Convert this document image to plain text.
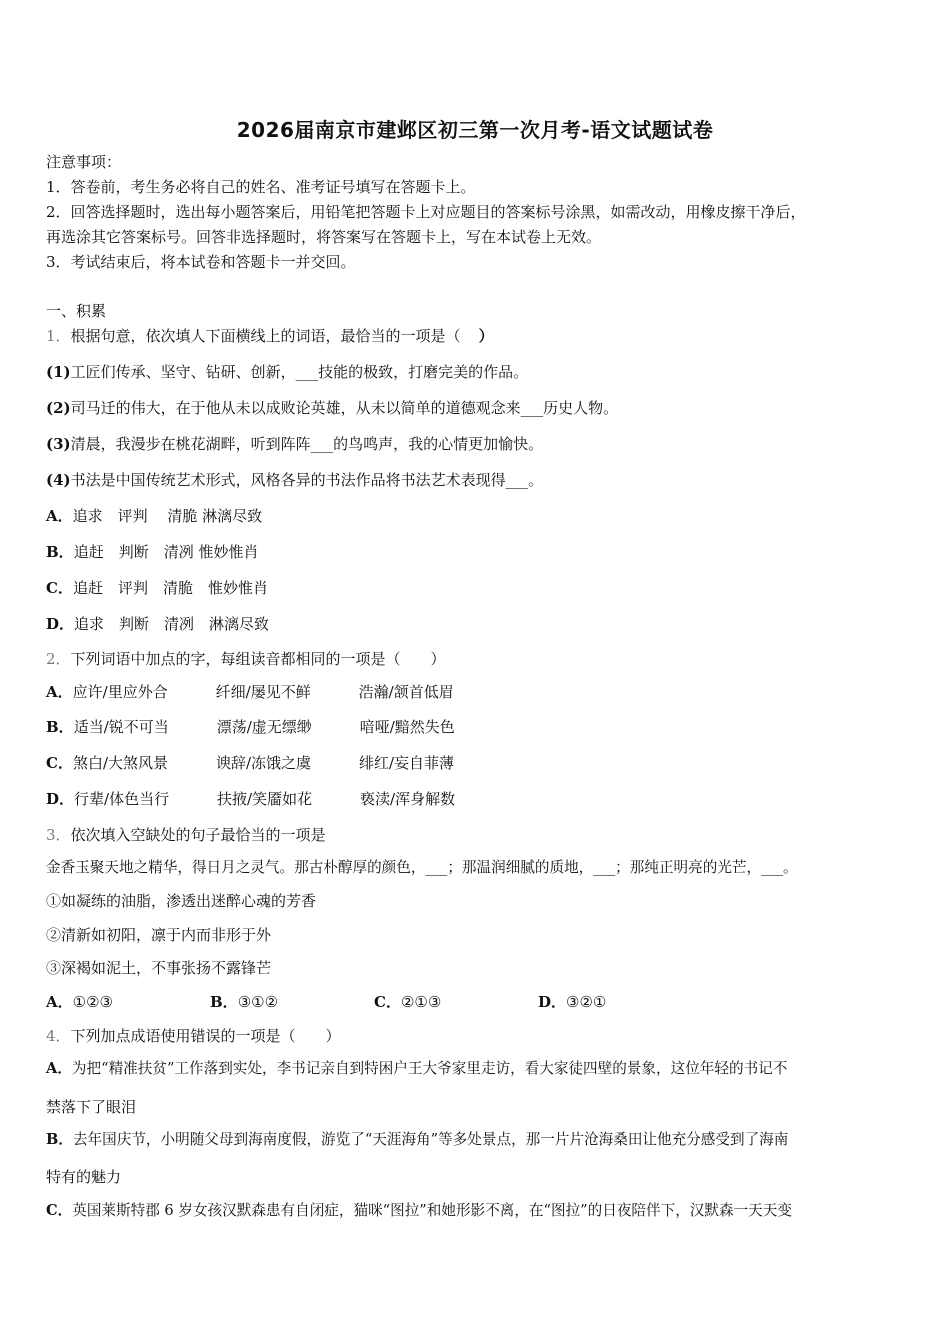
2026届南京市建邺区初三第一次月考-语文试题试卷
注意事项：
1．答卷前，考生务必将自己的姓名、准考证号填写在答题卡上。
2．回答选择题时，选出每小题答案后，用铅笔把答题卡上对应题目的答案标号涂黑，如需改动，用橡皮擦干净后，
再选涂其它答案标号。回答非选择题时，将答案写在答题卡上，写在本试卷上无效。
3．考试结束后，将本试卷和答题卡一并交回。
一、积累
1．根据句意，依次填人下面横线上的词语，最恰当的一项是（ ）
(1)工匠们传承、坚守、钻研、创新，___技能的极致，打磨完美的作品。
(2)司马迁的伟大，在于他从未以成败论英雄，从未以简单的道德观念来___历史人物。
(3)清晨，我漫步在桃花湖畔，听到阵阵___的鸟鸣声，我的心情更加愉快。
(4)书法是中国传统艺术形式，风格各异的书法作品将书法艺术表现得___。
A．追求　评判　 清脆 淋漓尽致
B．追赶　判断　清冽 惟妙惟肖
C．追赶　评判　清脆　惟妙惟肖
D．追求　判断　清冽　淋漓尽致
2．下列词语中加点的字，每组读音都相同的一项是（　　）
A．应许/里应外合	纤细/屡见不鲜	浩瀚/颔首低眉
B．适当/锐不可当	漂荡/虚无缥缈	喑哑/黯然失色
C．煞白/大煞风景	谀辞/冻饿之虞	绯红/妄自菲薄
D．行辈/体色当行	扶掖/笑靥如花	亵渎/浑身解数
3．依次填入空缺处的句子最恰当的一项是
金香玉聚天地之精华，得日月之灵气。那古朴醇厚的颜色，___；那温润细腻的质地，___；那纯正明亮的光芒，___。
①如凝练的油脂，渗透出迷醉心魂的芳香
②清新如初阳，凛于内而非形于外
③深褐如泥土，不事张扬不露锋芒
A．①②③	B．③①②	C．②①③	D．③②①
4．下列加点成语使用错误的一项是（　　）
A．为把“精准扶贫”工作落到实处，李书记亲自到特困户王大爷家里走访，看大家徒四壁的景象，这位年轻的书记不
禁落下了眼泪
B．去年国庆节，小明随父母到海南度假，游览了“天涯海角”等多处景点，那一片片沧海桑田让他充分感受到了海南
特有的魅力
C．英国莱斯特郡 6 岁女孩汉默森患有自闭症，猫咪“图拉”和她形影不离，在“图拉”的日夜陪伴下，汉默森一天天变
